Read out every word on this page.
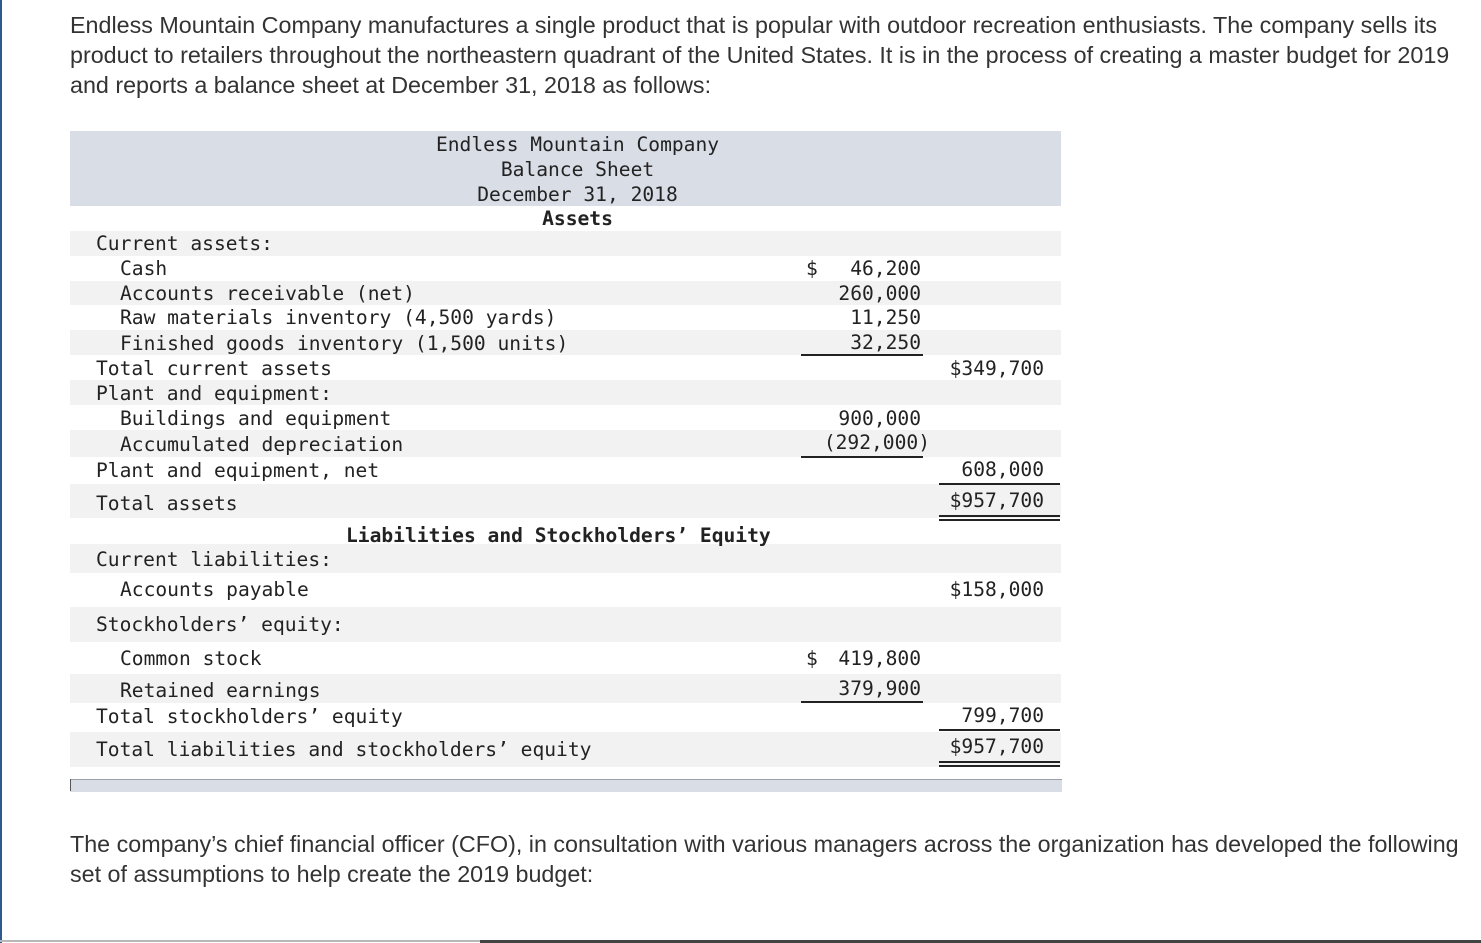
Endless Mountain Company manufactures a single product that is popular with outdoor recreation enthusiasts. The company sells its product to retailers throughout the northeastern quadrant of the United States. It is in the process of creating a master budget for 2019 and reports a balance sheet at December 31, 2018 as follows:

Endless Mountain Company
Balance Sheet
December 31, 2018
Assets
Current assets:
Cash	$ 46,200
Accounts receivable (net)	260,000
Raw materials inventory (4,500 yards)	11,250
Finished goods inventory (1,500 units)	32,250
Total current assets	$349,700
Plant and equipment:
Buildings and equipment	900,000
Accumulated depreciation	(292,000)
Plant and equipment, net	608,000
Total assets	$957,700
Liabilities and Stockholders’ Equity
Current liabilities:
Accounts payable	$158,000
Stockholders’ equity:
Common stock	$ 419,800
Retained earnings	379,900
Total stockholders’ equity	799,700
Total liabilities and stockholders’ equity	$957,700

The company’s chief financial officer (CFO), in consultation with various managers across the organization has developed the following set of assumptions to help create the 2019 budget:
